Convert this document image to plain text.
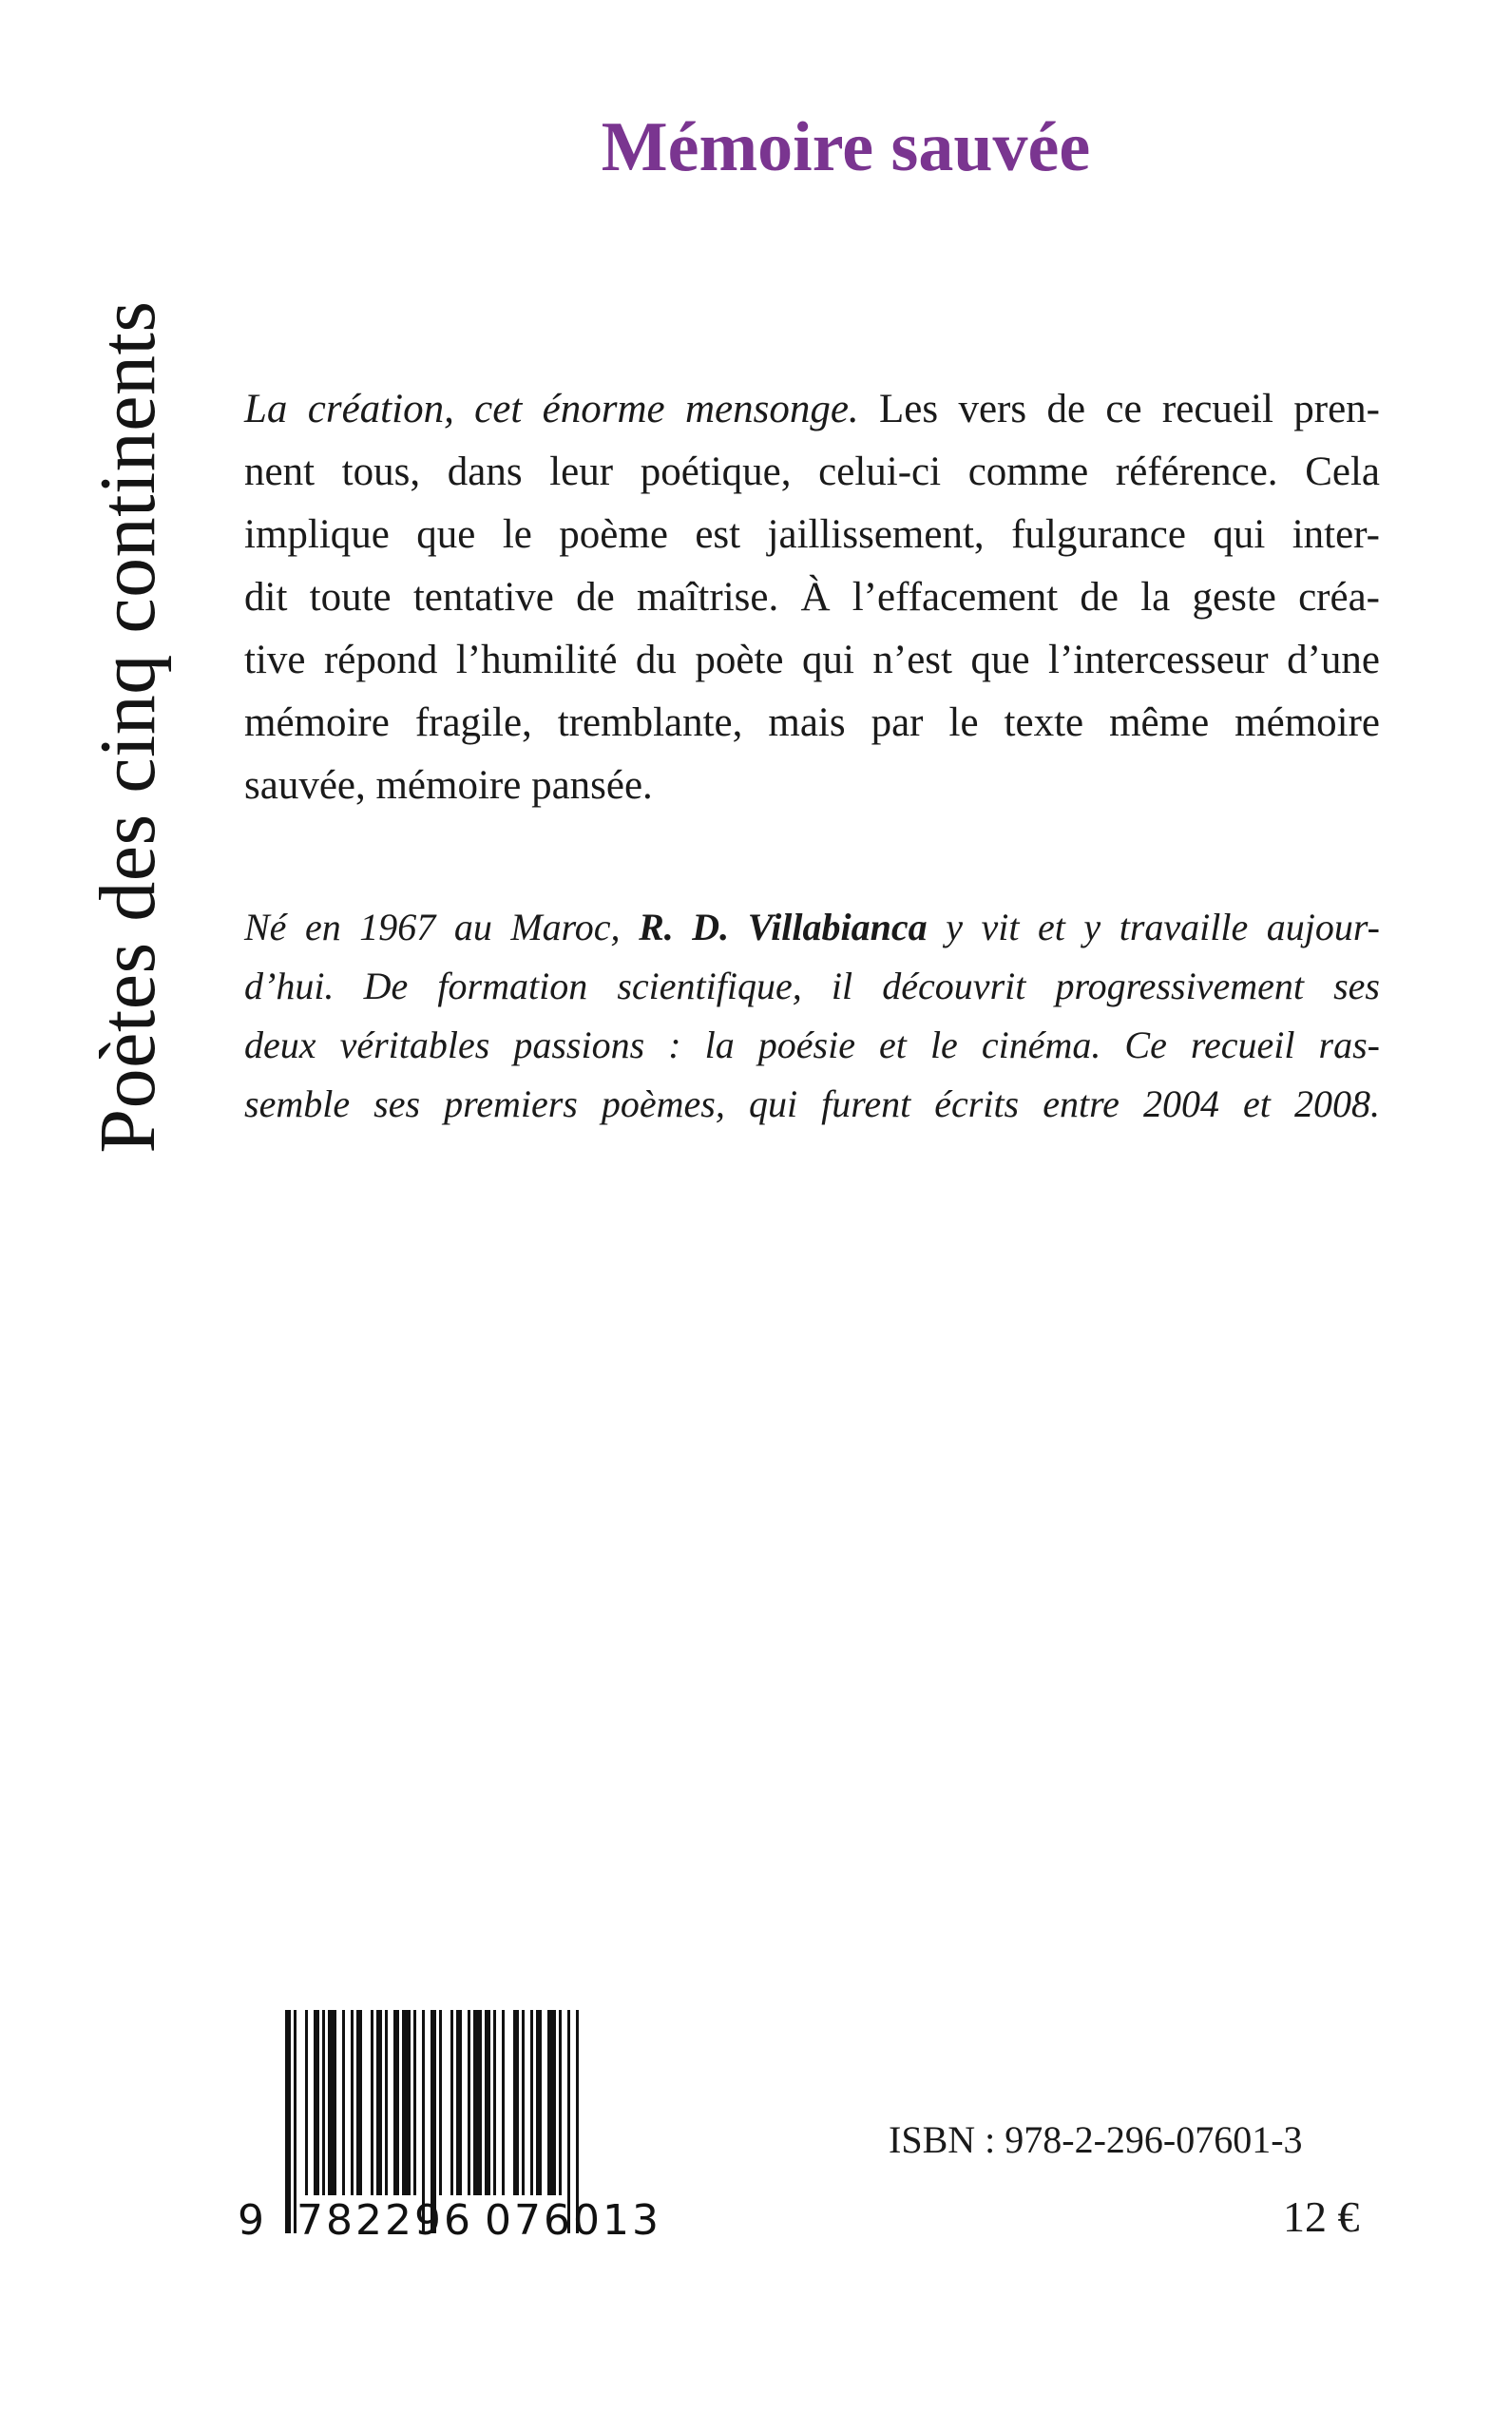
Poètes des cinq continents
Mémoire sauvée
La création, cet énorme mensonge. Les vers de ce recueil pren-
nent tous, dans leur poétique, celui-ci comme référence. Cela
implique que le poème est jaillissement, fulgurance qui inter-
dit toute tentative de maîtrise. À l’effacement de la geste créa-
tive répond l’humilité du poète qui n’est que l’intercesseur d’une
mémoire fragile, tremblante, mais par le texte même mémoire
sauvée, mémoire pansée.
Né en 1967 au Maroc, R. D. Villabianca y vit et y travaille aujour-
d’hui. De formation scientifique, il découvrit progressivement ses
deux véritables passions : la poésie et le cinéma. Ce recueil ras-
semble ses premiers poèmes, qui furent écrits entre 2004 et 2008.
9 782296 076013
ISBN : 978-2-296-07601-3
12 €
